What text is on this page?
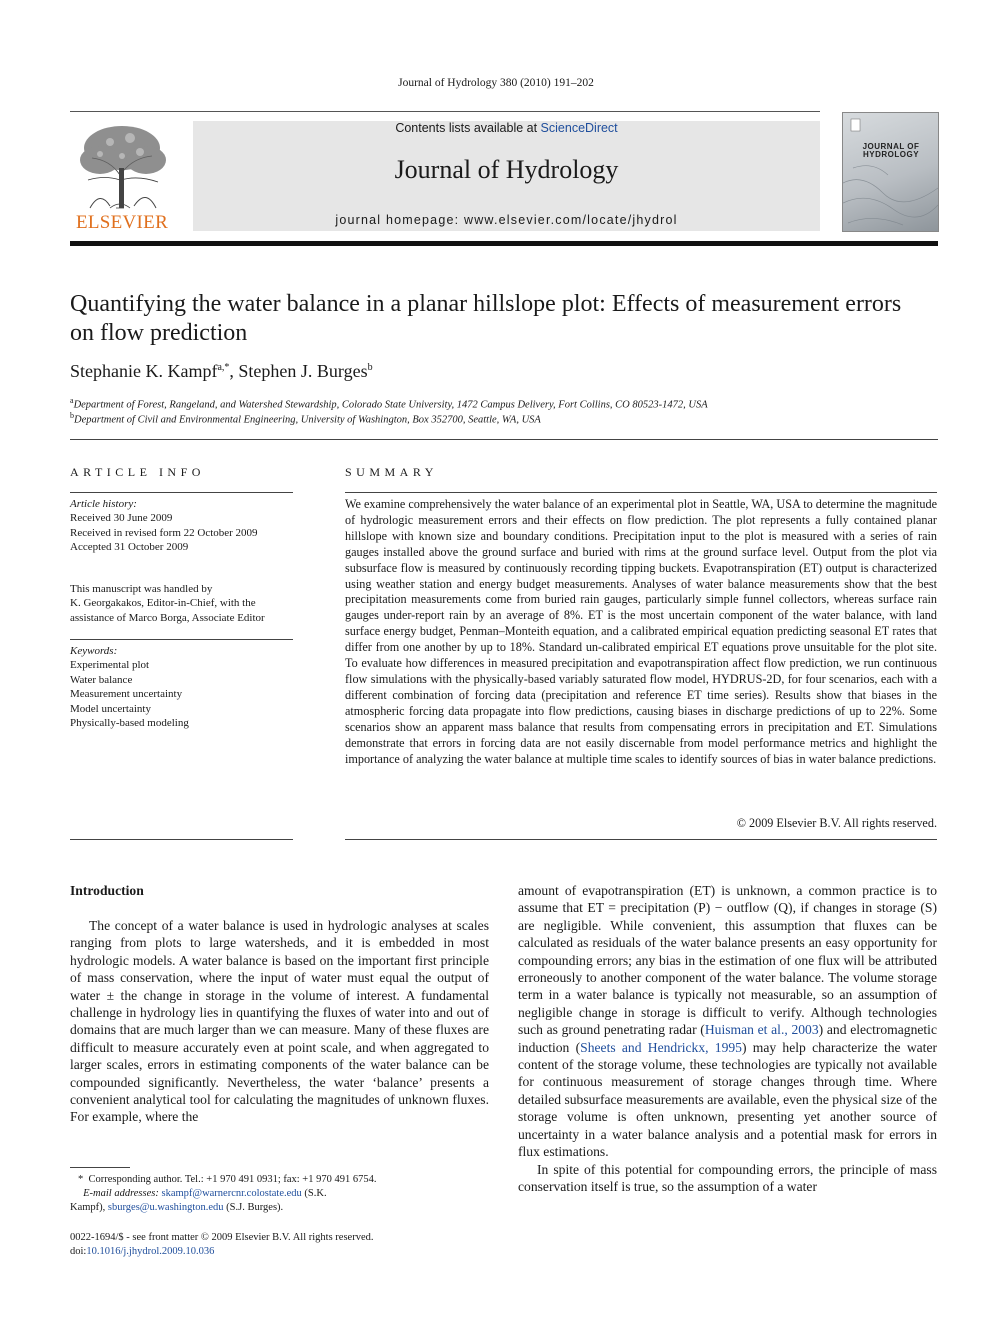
Journal of Hydrology 380 (2010) 191–202
ELSEVIER
Contents lists available at ScienceDirect
Journal of Hydrology
journal homepage: www.elsevier.com/locate/jhydrol
JOURNAL OF HYDROLOGY
Quantifying the water balance in a planar hillslope plot: Effects of measurement errors on flow prediction
Stephanie K. Kampf$^{a,*}$, Stephen J. Burges$^b$
$^a$Department of Forest, Rangeland, and Watershed Stewardship, Colorado State University, 1472 Campus Delivery, Fort Collins, CO 80523-1472, USA
$^b$Department of Civil and Environmental Engineering, University of Washington, Box 352700, Seattle, WA, USA
ARTICLE INFO
Article history:
Received 30 June 2009
Received in revised form 22 October 2009
Accepted 31 October 2009
This manuscript was handled by
K. Georgakakos, Editor-in-Chief, with the
assistance of Marco Borga, Associate Editor
Keywords:
Experimental plot
Water balance
Measurement uncertainty
Model uncertainty
Physically-based modeling
SUMMARY
We examine comprehensively the water balance of an experimental plot in Seattle, WA, USA to determine the magnitude of hydrologic measurement errors and their effects on flow prediction. The plot represents a fully contained planar hillslope with known size and boundary conditions. Precipitation input to the plot is measured with a series of rain gauges installed above the ground surface and buried with rims at the ground surface level. Output from the plot via subsurface flow is measured by continuously recording tipping buckets. Evapotranspiration (ET) output is characterized using weather station and energy budget measurements. Analyses of water balance measurements show that the best precipitation measurements come from buried rain gauges, particularly simple funnel collectors, whereas surface rain gauges under-report rain by an average of 8%. ET is the most uncertain component of the water balance, with land surface energy budget, Penman–Monteith equation, and a calibrated empirical equation predicting seasonal ET rates that differ from one another by up to 18%. Standard un-calibrated empirical ET equations prove unsuitable for the plot site. To evaluate how differences in measured precipitation and evapotranspiration affect flow prediction, we run continuous flow simulations with the physically-based variably saturated flow model, HYDRUS-2D, for four scenarios, each with a different combination of forcing data (precipitation and reference ET time series). Results show that biases in the atmospheric forcing data propagate into flow predictions, causing biases in discharge predictions of up to 22%. Some scenarios show an apparent mass balance that results from compensating errors in precipitation and ET. Simulations demonstrate that errors in forcing data are not easily discernable from model performance metrics and highlight the importance of analyzing the water balance at multiple time scales to identify sources of bias in water balance predictions.
© 2009 Elsevier B.V. All rights reserved.
Introduction

The concept of a water balance is used in hydrologic analyses at scales ranging from plots to large watersheds, and it is embedded in most hydrologic models. A water balance is based on the important first principle of mass conservation, where the input of water must equal the output of water ± the change in storage in the volume of interest. A fundamental challenge in hydrology lies in quantifying the fluxes of water into and out of domains that are much larger than we can measure. Many of these fluxes are difficult to measure accurately even at point scale, and when aggregated to larger scales, errors in estimating components of the water balance can be compounded significantly. Nevertheless, the water ‘balance’ presents a convenient analytical tool for calculating the magnitudes of unknown fluxes. For example, where the

amount of evapotranspiration (ET) is unknown, a common practice is to assume that ET = precipitation (P) − outflow (Q), if changes in storage (S) are negligible. While convenient, this assumption that fluxes can be calculated as residuals of the water balance presents an easy opportunity for compounding errors; any bias in the estimation of one flux will be attributed erroneously to another component of the water balance. The volume storage term in a water balance is typically not measurable, so an assumption of negligible change in storage is difficult to verify. Although technologies such as ground penetrating radar (Huisman et al., 2003) and electromagnetic induction (Sheets and Hendrickx, 1995) may help characterize the water content of the storage volume, these technologies are typically not available for continuous measurement of storage changes through time. Where detailed subsurface measurements are available, even the physical size of the storage volume is often unknown, presenting yet another source of uncertainty in a water balance analysis and a potential mask for errors in flux estimations.

In spite of this potential for compounding errors, the principle of mass conservation itself is true, so the assumption of a water

* Corresponding author. Tel.: +1 970 491 0931; fax: +1 970 491 6754.
E-mail addresses: skampf@warnercnr.colostate.edu (S.K. Kampf), sburges@u.washington.edu (S.J. Burges).
0022-1694/$ - see front matter © 2009 Elsevier B.V. All rights reserved.
doi:10.1016/j.jhydrol.2009.10.036
